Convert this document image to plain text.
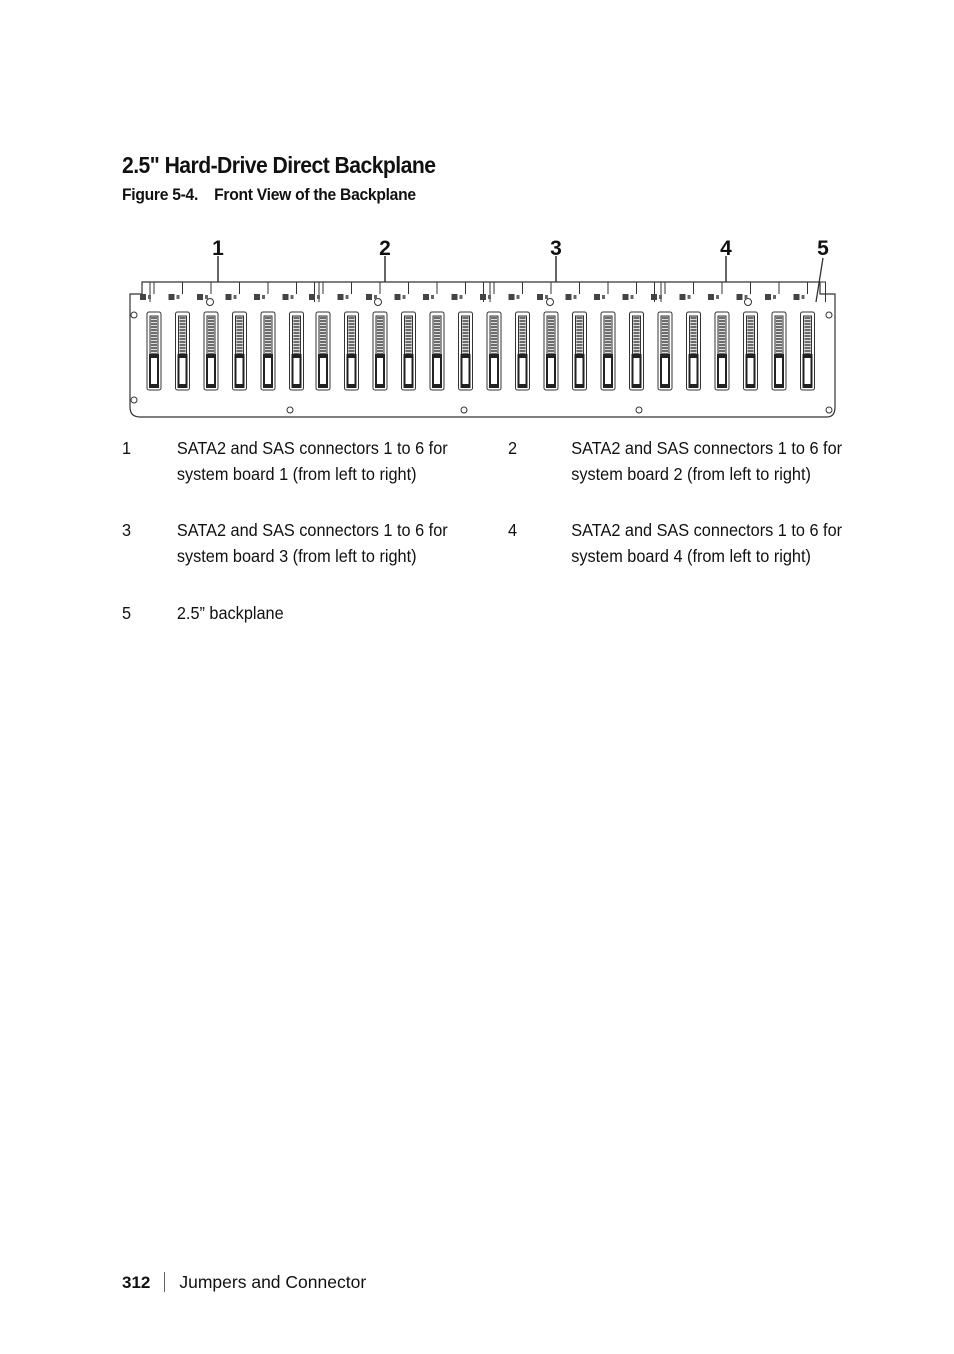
2.5" Hard-Drive Direct Backplane
Figure 5-4. Front View of the Backplane
1	2	3	4	5
1	SATA2 and SAS connectors 1 to 6 for system board 1 (from left to right)
2	SATA2 and SAS connectors 1 to 6 for system board 2 (from left to right)
3	SATA2 and SAS connectors 1 to 6 for system board 3 (from left to right)
4	SATA2 and SAS connectors 1 to 6 for system board 4 (from left to right)
5	2.5” backplane
312 Jumpers and Connector
